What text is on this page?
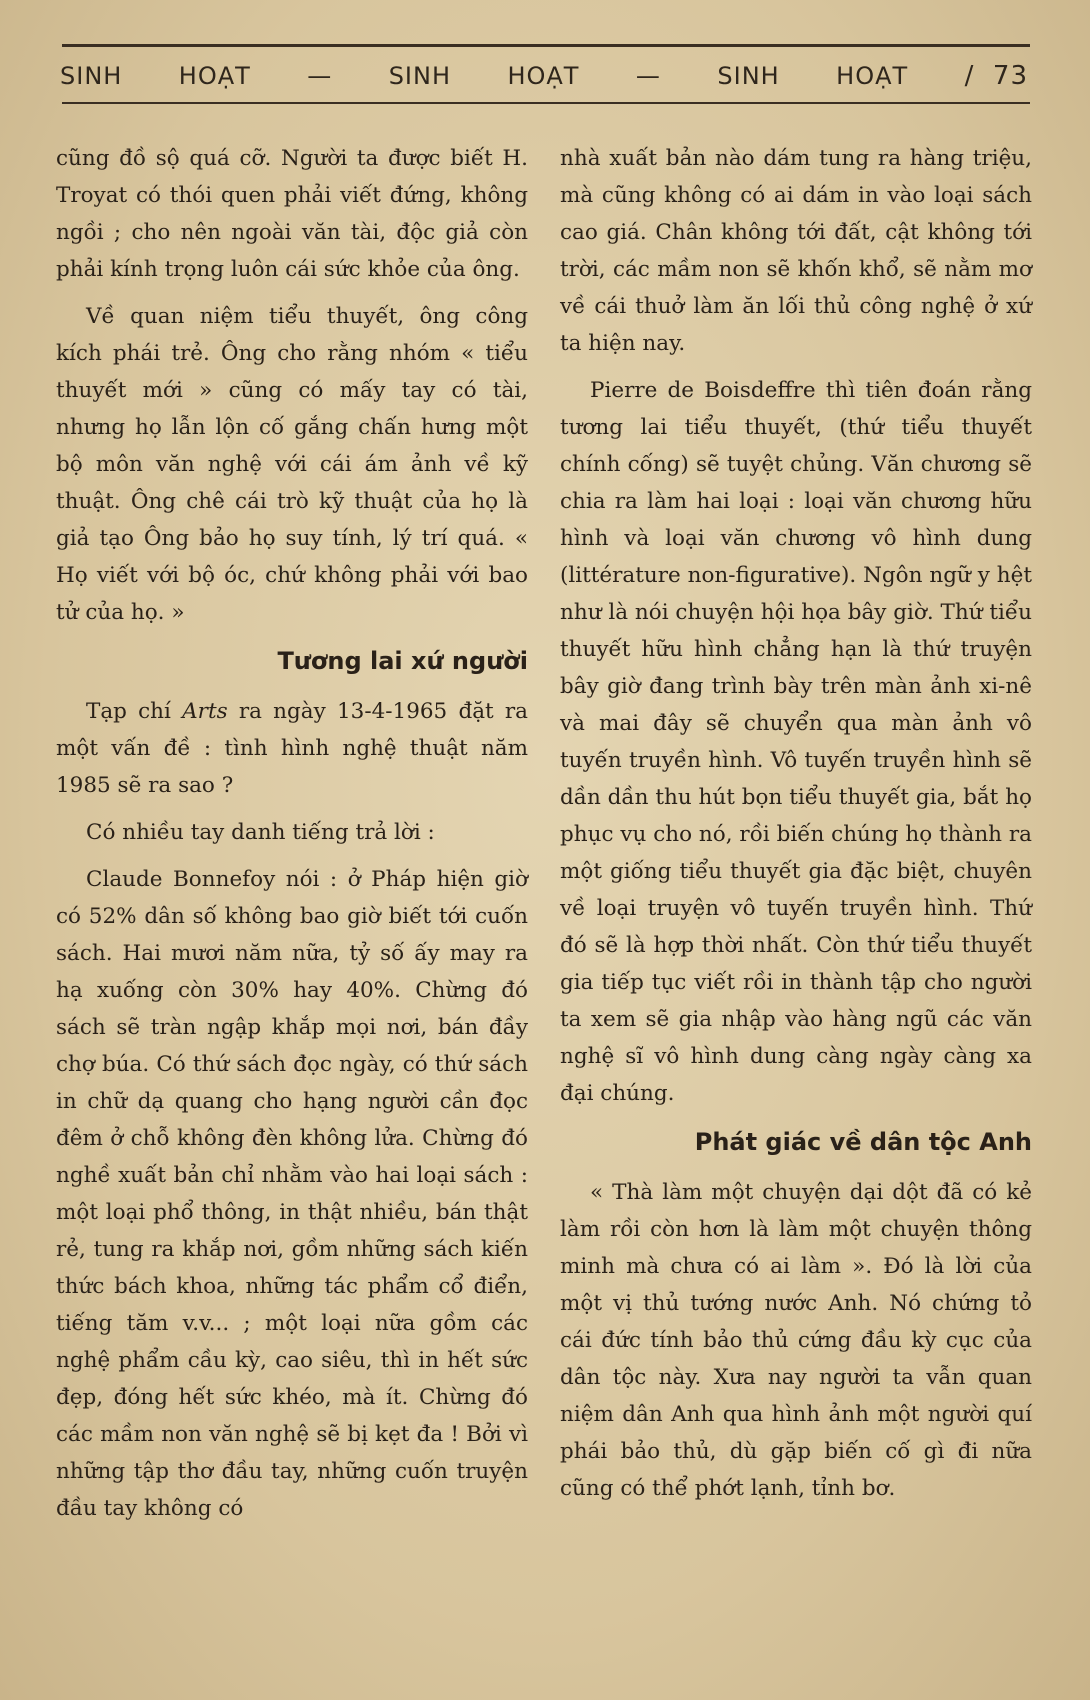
SINH HOẠT — SINH HOẠT — SINH HOẠT / 73

cũng đồ sộ quá cỡ. Người ta được biết H. Troyat có thói quen phải viết đứng, không ngồi ; cho nên ngoài văn tài, độc giả còn phải kính trọng luôn cái sức khỏe của ông.

Về quan niệm tiểu thuyết, ông công kích phái trẻ. Ông cho rằng nhóm « tiểu thuyết mới » cũng có mấy tay có tài, nhưng họ lẫn lộn cố gắng chấn hưng một bộ môn văn nghệ với cái ám ảnh về kỹ thuật. Ông chê cái trò kỹ thuật của họ là giả tạo Ông bảo họ suy tính, lý trí quá. « Họ viết với bộ óc, chứ không phải với bao tử của họ. »

Tương lai xứ người

Tạp chí Arts ra ngày 13-4-1965 đặt ra một vấn đề : tình hình nghệ thuật năm 1985 sẽ ra sao ?

Có nhiều tay danh tiếng trả lời :

Claude Bonnefoy nói : ở Pháp hiện giờ có 52% dân số không bao giờ biết tới cuốn sách. Hai mươi năm nữa, tỷ số ấy may ra hạ xuống còn 30% hay 40%. Chừng đó sách sẽ tràn ngập khắp mọi nơi, bán đầy chợ búa. Có thứ sách đọc ngày, có thứ sách in chữ dạ quang cho hạng người cần đọc đêm ở chỗ không đèn không lửa. Chừng đó nghề xuất bản chỉ nhằm vào hai loại sách : một loại phổ thông, in thật nhiều, bán thật rẻ, tung ra khắp nơi, gồm những sách kiến thức bách khoa, những tác phẩm cổ điển, tiếng tăm v.v... ; một loại nữa gồm các nghệ phẩm cầu kỳ, cao siêu, thì in hết sức đẹp, đóng hết sức khéo, mà ít. Chừng đó các mầm non văn nghệ sẽ bị kẹt đa ! Bởi vì những tập thơ đầu tay, những cuốn truyện đầu tay không có

nhà xuất bản nào dám tung ra hàng triệu, mà cũng không có ai dám in vào loại sách cao giá. Chân không tới đất, cật không tới trời, các mầm non sẽ khốn khổ, sẽ nằm mơ về cái thuở làm ăn lối thủ công nghệ ở xứ ta hiện nay.

Pierre de Boisdeffre thì tiên đoán rằng tương lai tiểu thuyết, (thứ tiểu thuyết chính cống) sẽ tuyệt chủng. Văn chương sẽ chia ra làm hai loại : loại văn chương hữu hình và loại văn chương vô hình dung (littérature non-figurative). Ngôn ngữ y hệt như là nói chuyện hội họa bây giờ. Thứ tiểu thuyết hữu hình chẳng hạn là thứ truyện bây giờ đang trình bày trên màn ảnh xi-nê và mai đây sẽ chuyển qua màn ảnh vô tuyến truyền hình. Vô tuyến truyền hình sẽ dần dần thu hút bọn tiểu thuyết gia, bắt họ phục vụ cho nó, rồi biến chúng họ thành ra một giống tiểu thuyết gia đặc biệt, chuyên về loại truyện vô tuyến truyền hình. Thứ đó sẽ là hợp thời nhất. Còn thứ tiểu thuyết gia tiếp tục viết rồi in thành tập cho người ta xem sẽ gia nhập vào hàng ngũ các văn nghệ sĩ vô hình dung càng ngày càng xa đại chúng.

Phát giác về dân tộc Anh

« Thà làm một chuyện dại dột đã có kẻ làm rồi còn hơn là làm một chuyện thông minh mà chưa có ai làm ». Đó là lời của một vị thủ tướng nước Anh. Nó chứng tỏ cái đức tính bảo thủ cứng đầu kỳ cục của dân tộc này. Xưa nay người ta vẫn quan niệm dân Anh qua hình ảnh một người quí phái bảo thủ, dù gặp biến cố gì đi nữa cũng có thể phớt lạnh, tỉnh bơ.
